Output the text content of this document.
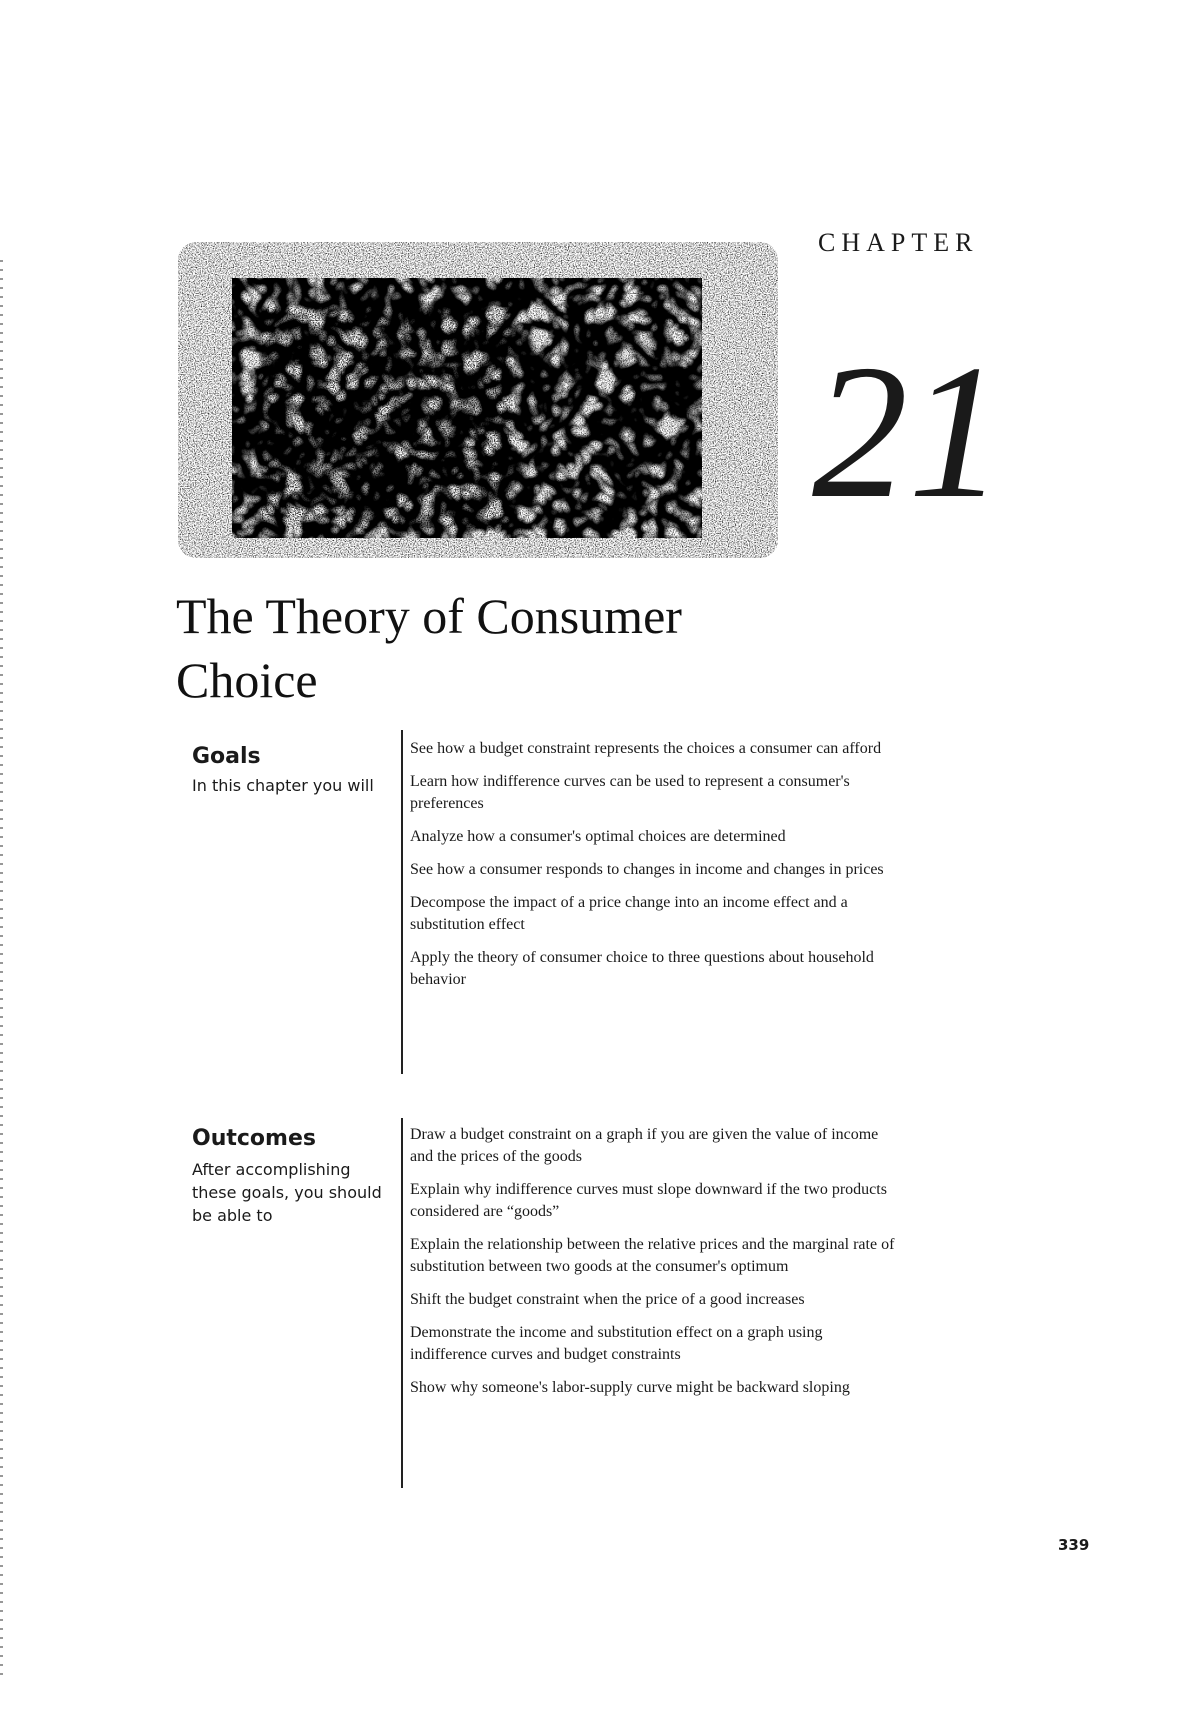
CHAPTER
21
The Theory of Consumer Choice
Goals
In this chapter you will
See how a budget constraint represents the choices a consumer can afford
Learn how indifference curves can be used to represent a consumer's preferences
Analyze how a consumer's optimal choices are determined
See how a consumer responds to changes in income and changes in prices
Decompose the impact of a price change into an income effect and a substitution effect
Apply the theory of consumer choice to three questions about household behavior
Outcomes
After accomplishing these goals, you should be able to
Draw a budget constraint on a graph if you are given the value of income and the prices of the goods
Explain why indifference curves must slope downward if the two products considered are “goods”
Explain the relationship between the relative prices and the marginal rate of substitution between two goods at the consumer's optimum
Shift the budget constraint when the price of a good increases
Demonstrate the income and substitution effect on a graph using indifference curves and budget constraints
Show why someone's labor-supply curve might be backward sloping
339
